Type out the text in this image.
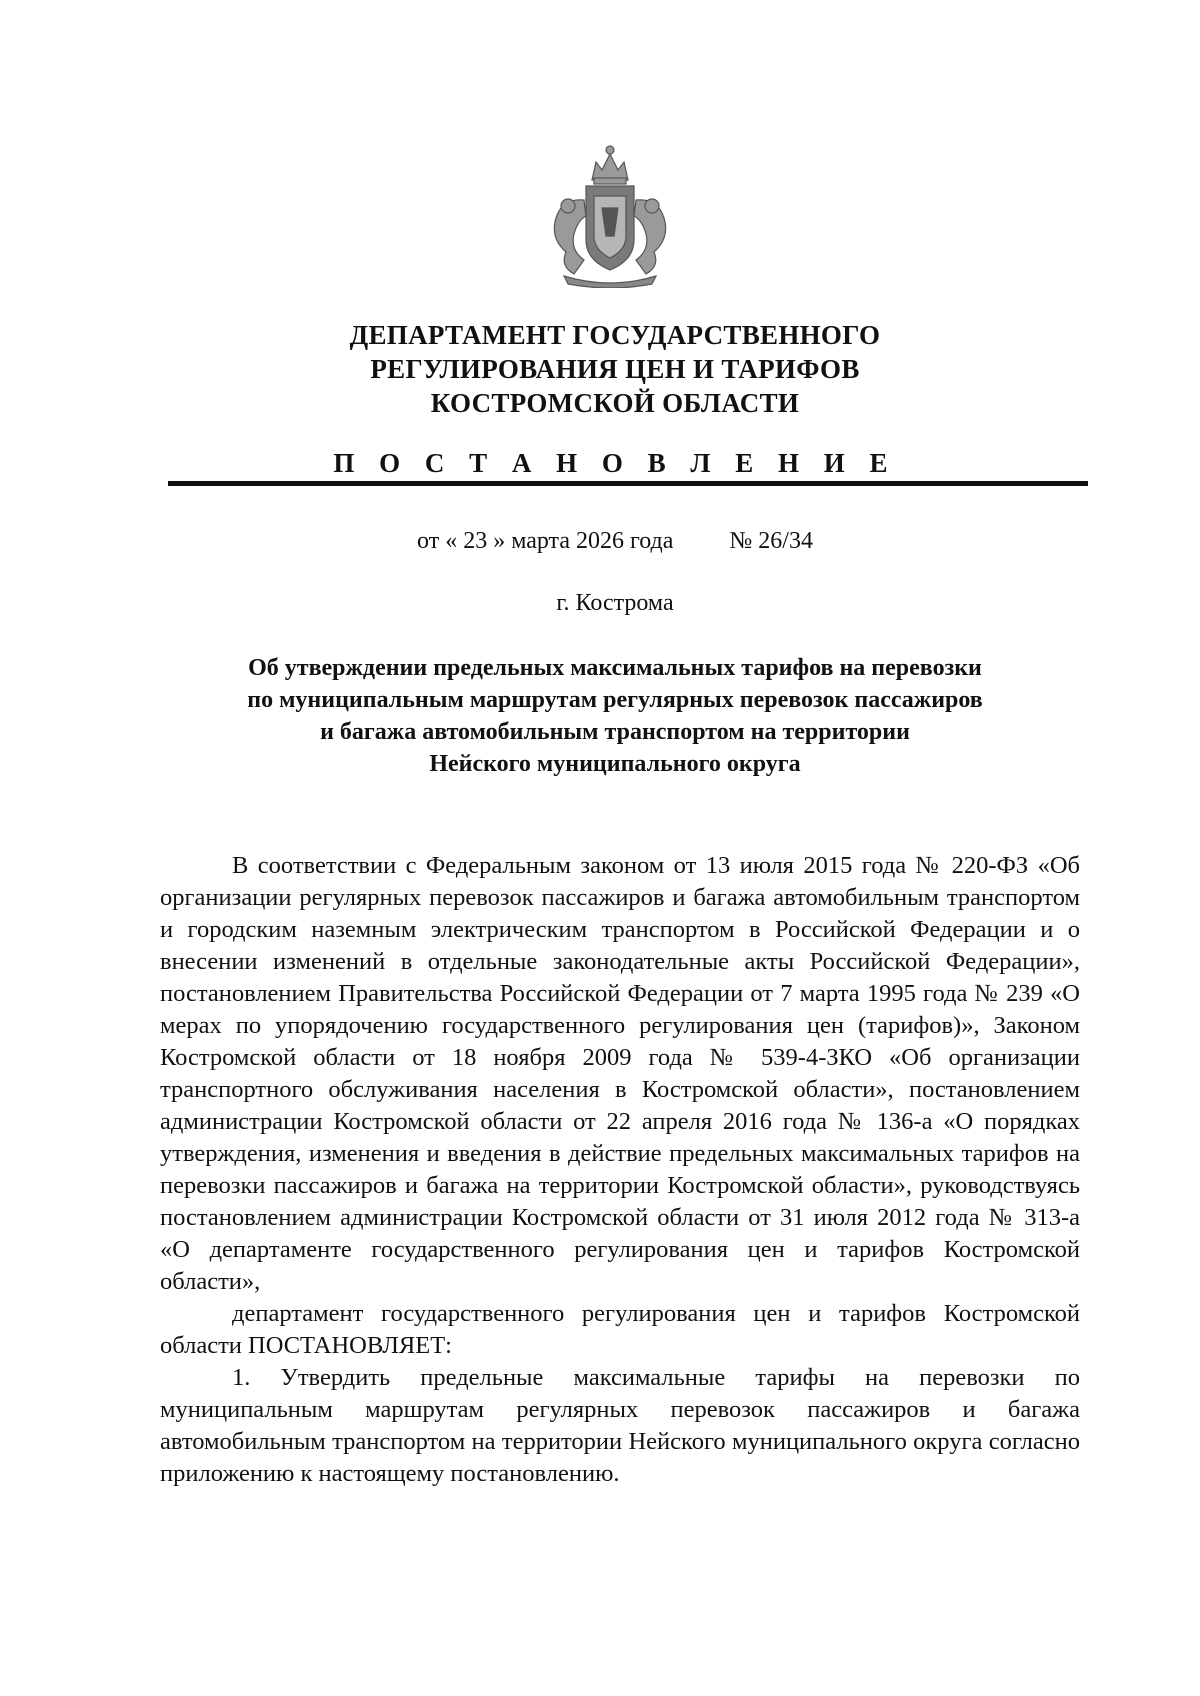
ДЕПАРТАМЕНТ ГОСУДАРСТВЕННОГО
РЕГУЛИРОВАНИЯ ЦЕН И ТАРИФОВ
КОСТРОМСКОЙ ОБЛАСТИ
П О С Т А Н О В Л Е Н И Е
от « 23 » марта 2026 года № 26/34
г. Кострома
Об утверждении предельных максимальных тарифов на перевозки
по муниципальным маршрутам регулярных перевозок пассажиров
и багажа автомобильным транспортом на территории
Нейского муниципального округа

В соответствии с Федеральным законом от 13 июля 2015 года № 220-ФЗ «Об организации регулярных перевозок пассажиров и багажа автомобильным транспортом и городским наземным электрическим транспортом в Российской Федерации и о внесении изменений в отдельные законодательные акты Российской Федерации», постановлением Правительства Российской Федерации от 7 марта 1995 года № 239 «О мерах по упорядочению государственного регулирования цен (тарифов)», Законом Костромской области от 18 ноября 2009 года № 539-4-ЗКО «Об организации транспортного обслуживания населения в Костромской области», постановлением администрации Костромской области от 22 апреля 2016 года № 136-а «О порядках утверждения, изменения и введения в действие предельных максимальных тарифов на перевозки пассажиров и багажа на территории Костромской области», руководствуясь постановлением администрации Костромской области от 31 июля 2012 года № 313-а «О департаменте государственного регулирования цен и тарифов Костромской области»,

департамент государственного регулирования цен и тарифов Костромской области ПОСТАНОВЛЯЕТ:

1. Утвердить предельные максимальные тарифы на перевозки по муниципальным маршрутам регулярных перевозок пассажиров и багажа автомобильным транспортом на территории Нейского муниципального округа согласно приложению к настоящему постановлению.
